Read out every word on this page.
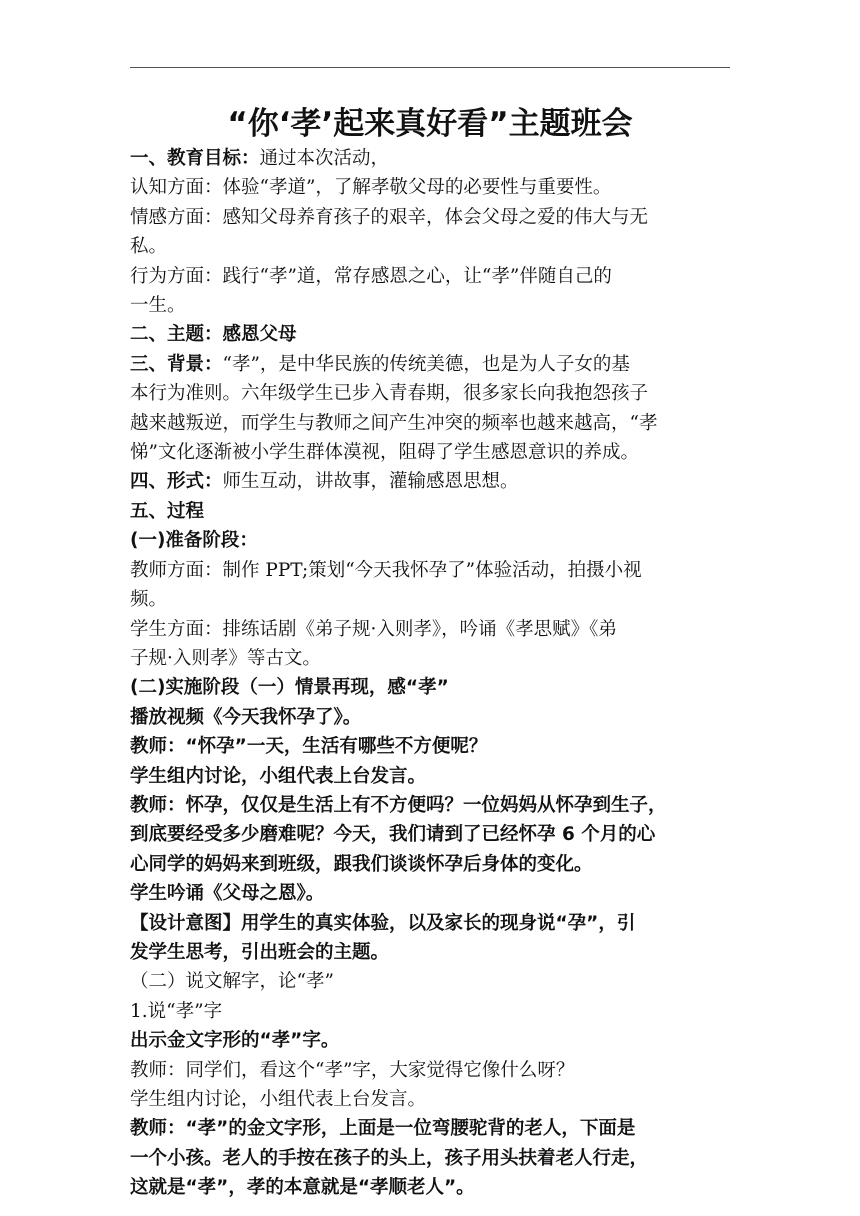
“你‘孝’起来真好看”主题班会
一、教育目标：通过本次活动，
认知方面：体验“孝道”，了解孝敬父母的必要性与重要性。
情感方面：感知父母养育孩子的艰辛，体会父母之爱的伟大与无
私。
行为方面：践行“孝”道，常存感恩之心，让“孝”伴随自己的
一生。
二、主题：感恩父母
三、背景：“孝”，是中华民族的传统美德，也是为人子女的基
本行为准则。六年级学生已步入青春期，很多家长向我抱怨孩子
越来越叛逆，而学生与教师之间产生冲突的频率也越来越高，“孝
悌”文化逐渐被小学生群体漠视，阻碍了学生感恩意识的养成。
四、形式：师生互动，讲故事，灌输感恩思想。
五、过程
(一)准备阶段：
教师方面：制作 PPT;策划“今天我怀孕了”体验活动，拍摄小视
频。
学生方面：排练话剧《弟子规·入则孝》，吟诵《孝思赋》《弟
子规·入则孝》等古文。
(二)实施阶段（一）情景再现，感“孝”
播放视频《今天我怀孕了》。
教师：“怀孕”一天，生活有哪些不方便呢？
学生组内讨论，小组代表上台发言。
教师：怀孕，仅仅是生活上有不方便吗？一位妈妈从怀孕到生子，
到底要经受多少磨难呢？今天，我们请到了已经怀孕 6 个月的心
心同学的妈妈来到班级，跟我们谈谈怀孕后身体的变化。
学生吟诵《父母之恩》。
【设计意图】用学生的真实体验，以及家长的现身说“孕”，引
发学生思考，引出班会的主题。
（二）说文解字，论“孝”
1.说“孝”字
出示金文字形的“孝”字。
教师：同学们，看这个“孝”字，大家觉得它像什么呀？
学生组内讨论，小组代表上台发言。
教师：“孝”的金文字形，上面是一位弯腰驼背的老人，下面是
一个小孩。老人的手按在孩子的头上，孩子用头扶着老人行走，
这就是“孝”，孝的本意就是“孝顺老人”。
